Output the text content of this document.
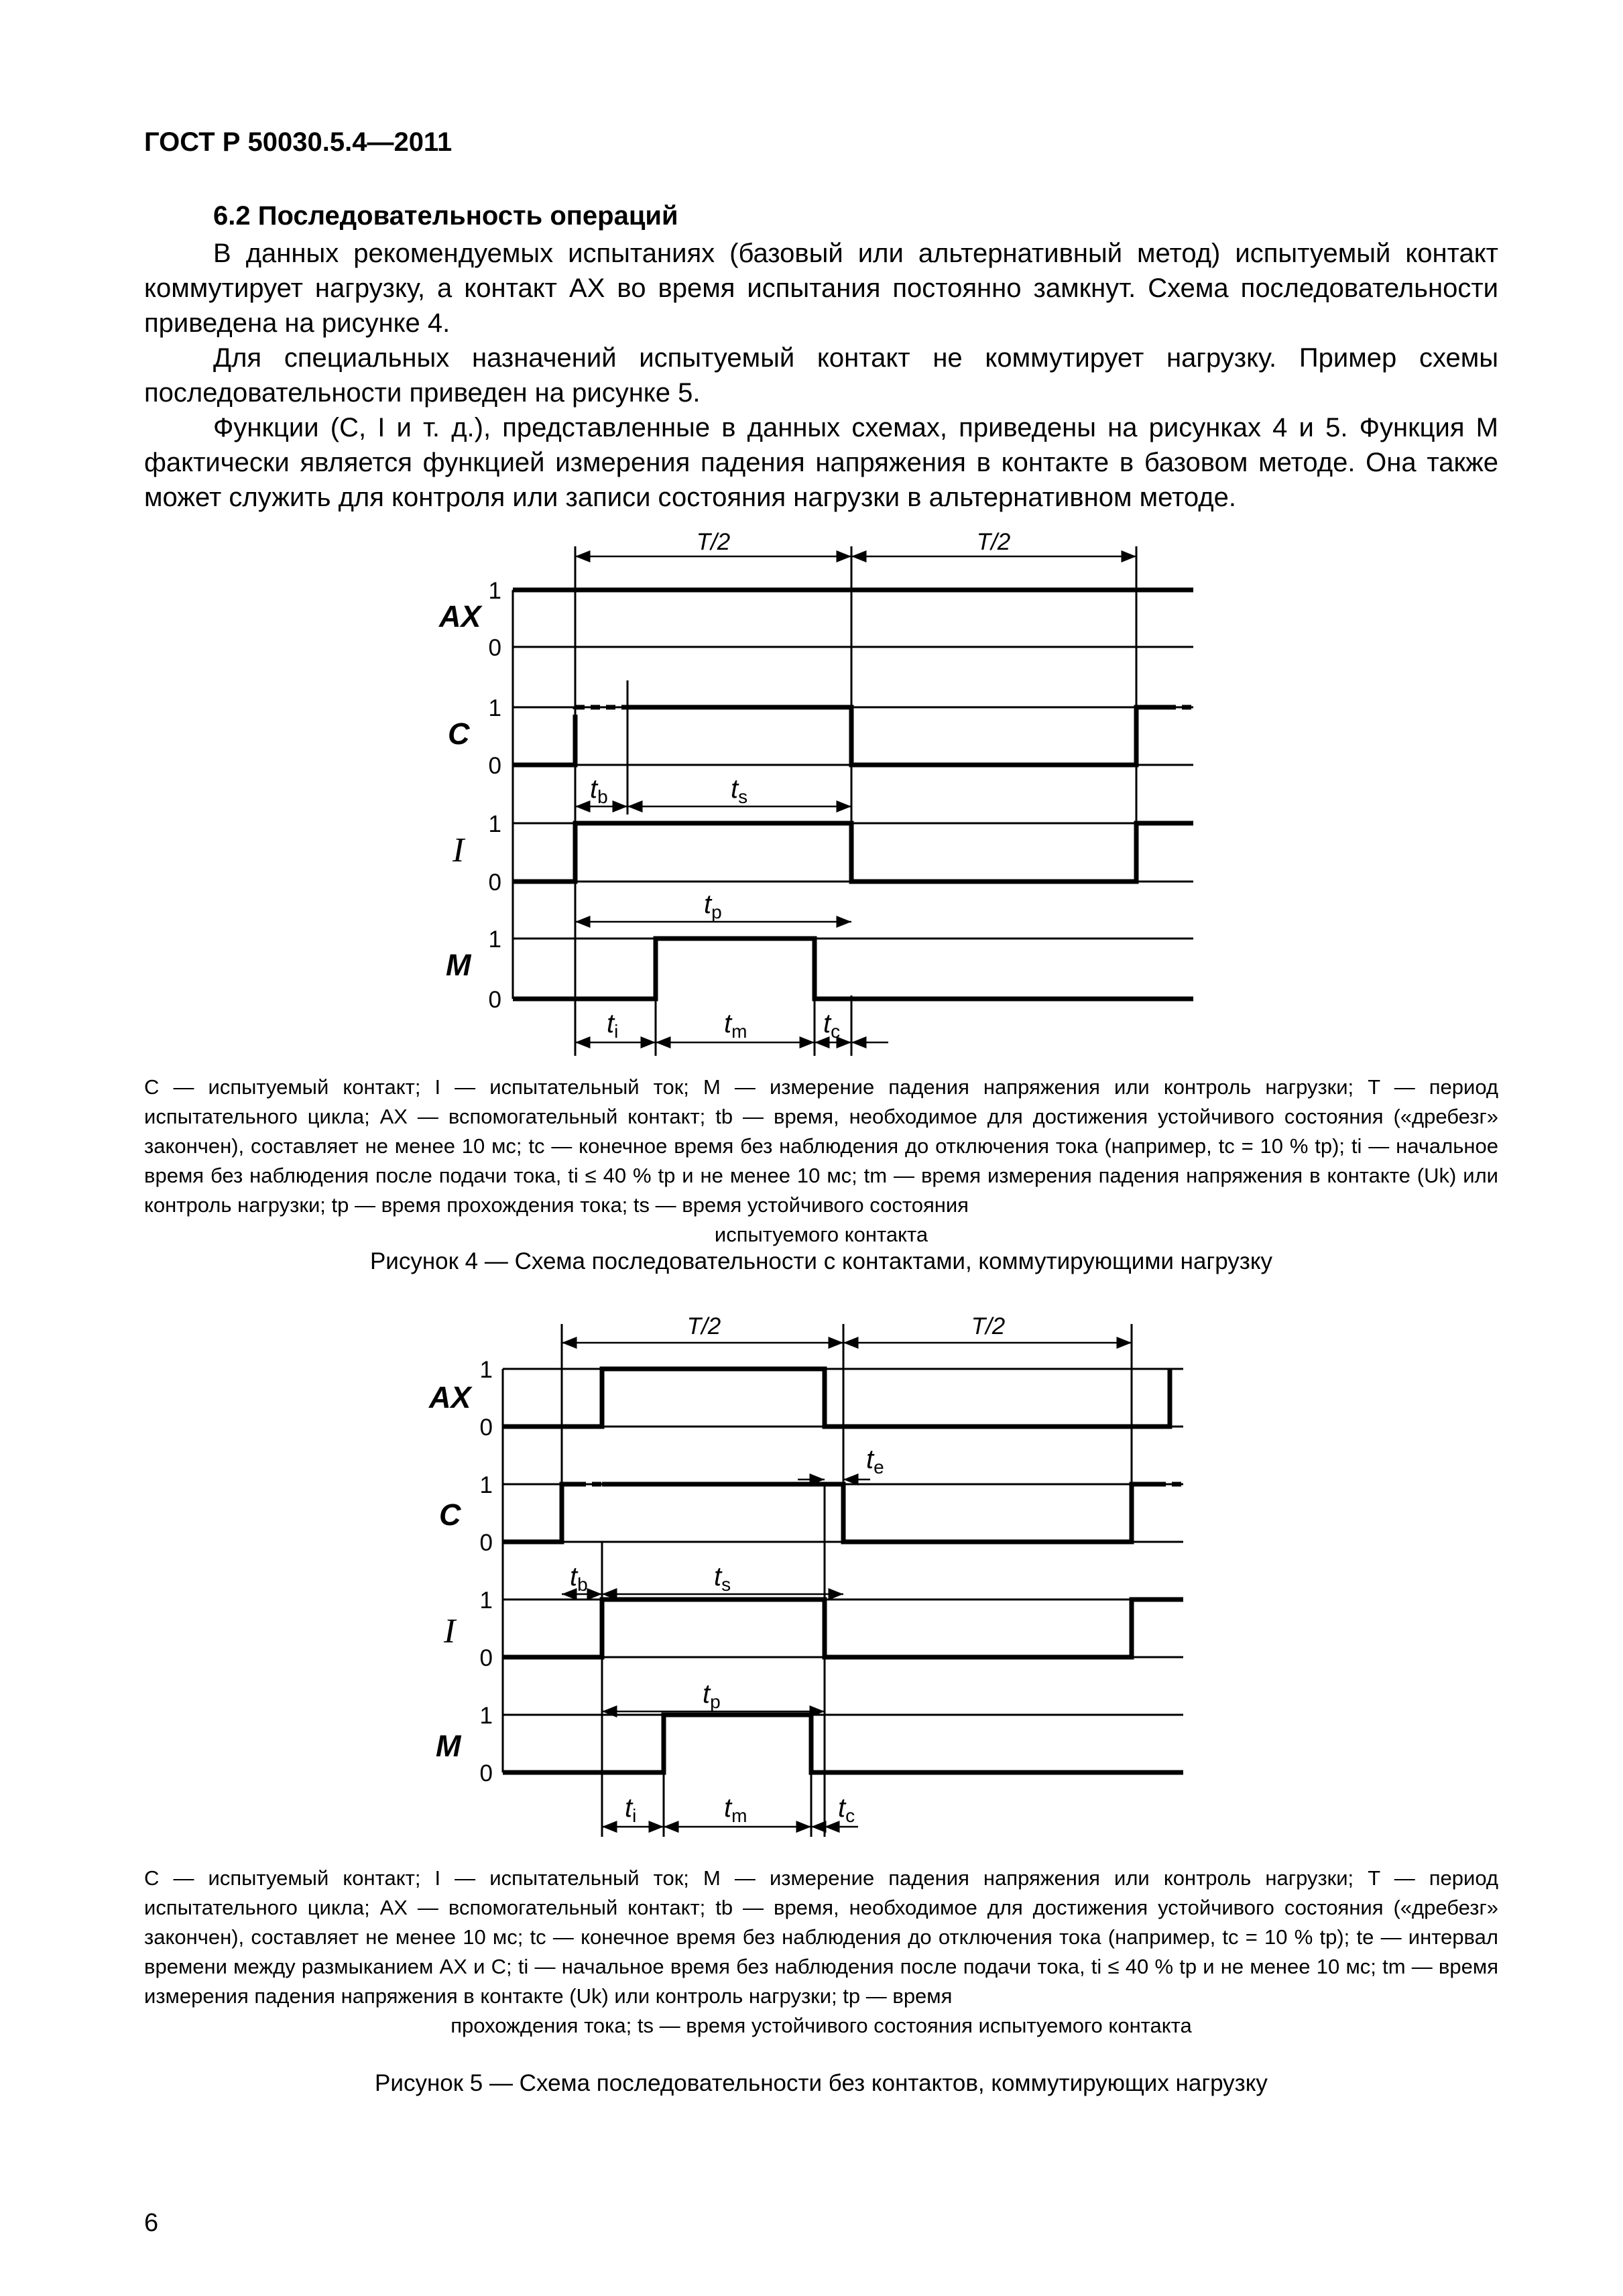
ГОСТ Р 50030.5.4—2011
6.2 Последовательность операций
В данных рекомендуемых испытаниях (базовый или альтернативный метод) испытуемый контакт коммутирует нагрузку, а контакт AX во время испытания постоянно замкнут. Схема последовательности приведена на рисунке 4.
Для специальных назначений испытуемый контакт не коммутирует нагрузку. Пример схемы последовательности приведен на рисунке 5.
Функции (C, I и т. д.), представленные в данных схемах, приведены на рисунках 4 и 5. Функция M фактически является функцией измерения падения напряжения в контакте в базовом методе. Она также может служить для контроля или записи состояния нагрузки в альтернативном методе.
T/2	T/2
1
0
1
0
1
0
1
0
AX
C
I
M
tb	ts
tp
ti	tm	tc
C — испытуемый контакт; I — испытательный ток; M — измерение падения напряжения или контроль нагрузки; T — период испытательного цикла; AX — вспомогательный контакт; tb — время, необходимое для достижения устойчивого состояния («дребезг» закончен), составляет не менее 10 мс; tc — конечное время без наблюдения до отключения тока (например, tc = 10 % tp); ti — начальное время без наблюдения после подачи тока, ti ≤ 40 % tp и не менее 10 мс; tm — время измерения падения напряжения в контакте (Uk) или контроль нагрузки; tp — время прохождения тока; ts — время устойчивого состояния
испытуемого контакта
Рисунок 4 — Схема последовательности с контактами, коммутирующими нагрузку
T/2	T/2
1
0
1
0
1
0
1
0
AX
C
I
M
te
tb	ts
tp
ti	tm	tc
C — испытуемый контакт; I — испытательный ток; M — измерение падения напряжения или контроль нагрузки; T — период испытательного цикла; AX — вспомогательный контакт; tb — время, необходимое для достижения устойчивого состояния («дребезг» закончен), составляет не менее 10 мс; tc — конечное время без наблюдения до отключения тока (например, tc = 10 % tp); te — интервал времени между размыканием AX и C; ti — начальное время без наблюдения после подачи тока, ti ≤ 40 % tp и не менее 10 мс; tm — время измерения падения напряжения в контакте (Uk) или контроль нагрузки; tp — время
прохождения тока; ts — время устойчивого состояния испытуемого контакта
Рисунок 5 — Схема последовательности без контактов, коммутирующих нагрузку
6
